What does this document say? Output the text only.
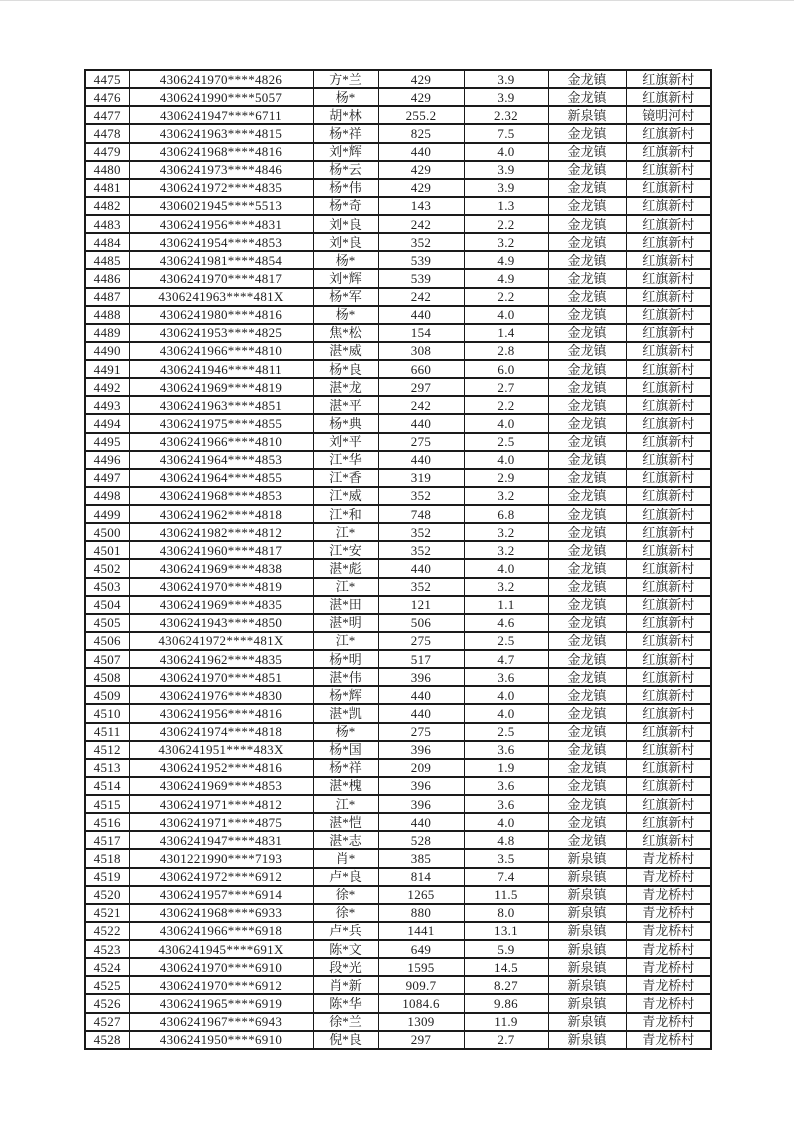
4475	4306241970****4826	方*兰	429	3.9	金龙镇	红旗新村
4476	4306241990****5057	杨*	429	3.9	金龙镇	红旗新村
4477	4306241947****6711	胡*林	255.2	2.32	新泉镇	镜明河村
4478	4306241963****4815	杨*祥	825	7.5	金龙镇	红旗新村
4479	4306241968****4816	刘*辉	440	4.0	金龙镇	红旗新村
4480	4306241973****4846	杨*云	429	3.9	金龙镇	红旗新村
4481	4306241972****4835	杨*伟	429	3.9	金龙镇	红旗新村
4482	4306021945****5513	杨*奇	143	1.3	金龙镇	红旗新村
4483	4306241956****4831	刘*良	242	2.2	金龙镇	红旗新村
4484	4306241954****4853	刘*良	352	3.2	金龙镇	红旗新村
4485	4306241981****4854	杨*	539	4.9	金龙镇	红旗新村
4486	4306241970****4817	刘*辉	539	4.9	金龙镇	红旗新村
4487	4306241963****481X	杨*军	242	2.2	金龙镇	红旗新村
4488	4306241980****4816	杨*	440	4.0	金龙镇	红旗新村
4489	4306241953****4825	焦*松	154	1.4	金龙镇	红旗新村
4490	4306241966****4810	湛*威	308	2.8	金龙镇	红旗新村
4491	4306241946****4811	杨*良	660	6.0	金龙镇	红旗新村
4492	4306241969****4819	湛*龙	297	2.7	金龙镇	红旗新村
4493	4306241963****4851	湛*平	242	2.2	金龙镇	红旗新村
4494	4306241975****4855	杨*典	440	4.0	金龙镇	红旗新村
4495	4306241966****4810	刘*平	275	2.5	金龙镇	红旗新村
4496	4306241964****4853	江*华	440	4.0	金龙镇	红旗新村
4497	4306241964****4855	江*香	319	2.9	金龙镇	红旗新村
4498	4306241968****4853	江*威	352	3.2	金龙镇	红旗新村
4499	4306241962****4818	江*和	748	6.8	金龙镇	红旗新村
4500	4306241982****4812	江*	352	3.2	金龙镇	红旗新村
4501	4306241960****4817	江*安	352	3.2	金龙镇	红旗新村
4502	4306241969****4838	湛*彪	440	4.0	金龙镇	红旗新村
4503	4306241970****4819	江*	352	3.2	金龙镇	红旗新村
4504	4306241969****4835	湛*田	121	1.1	金龙镇	红旗新村
4505	4306241943****4850	湛*明	506	4.6	金龙镇	红旗新村
4506	4306241972****481X	江*	275	2.5	金龙镇	红旗新村
4507	4306241962****4835	杨*明	517	4.7	金龙镇	红旗新村
4508	4306241970****4851	湛*伟	396	3.6	金龙镇	红旗新村
4509	4306241976****4830	杨*辉	440	4.0	金龙镇	红旗新村
4510	4306241956****4816	湛*凯	440	4.0	金龙镇	红旗新村
4511	4306241974****4818	杨*	275	2.5	金龙镇	红旗新村
4512	4306241951****483X	杨*国	396	3.6	金龙镇	红旗新村
4513	4306241952****4816	杨*祥	209	1.9	金龙镇	红旗新村
4514	4306241969****4853	湛*槐	396	3.6	金龙镇	红旗新村
4515	4306241971****4812	江*	396	3.6	金龙镇	红旗新村
4516	4306241971****4875	湛*恺	440	4.0	金龙镇	红旗新村
4517	4306241947****4831	湛*志	528	4.8	金龙镇	红旗新村
4518	4301221990****7193	肖*	385	3.5	新泉镇	青龙桥村
4519	4306241972****6912	卢*良	814	7.4	新泉镇	青龙桥村
4520	4306241957****6914	徐*	1265	11.5	新泉镇	青龙桥村
4521	4306241968****6933	徐*	880	8.0	新泉镇	青龙桥村
4522	4306241966****6918	卢*兵	1441	13.1	新泉镇	青龙桥村
4523	4306241945****691X	陈*文	649	5.9	新泉镇	青龙桥村
4524	4306241970****6910	段*光	1595	14.5	新泉镇	青龙桥村
4525	4306241970****6912	肖*新	909.7	8.27	新泉镇	青龙桥村
4526	4306241965****6919	陈*华	1084.6	9.86	新泉镇	青龙桥村
4527	4306241967****6943	徐*兰	1309	11.9	新泉镇	青龙桥村
4528	4306241950****6910	倪*良	297	2.7	新泉镇	青龙桥村
